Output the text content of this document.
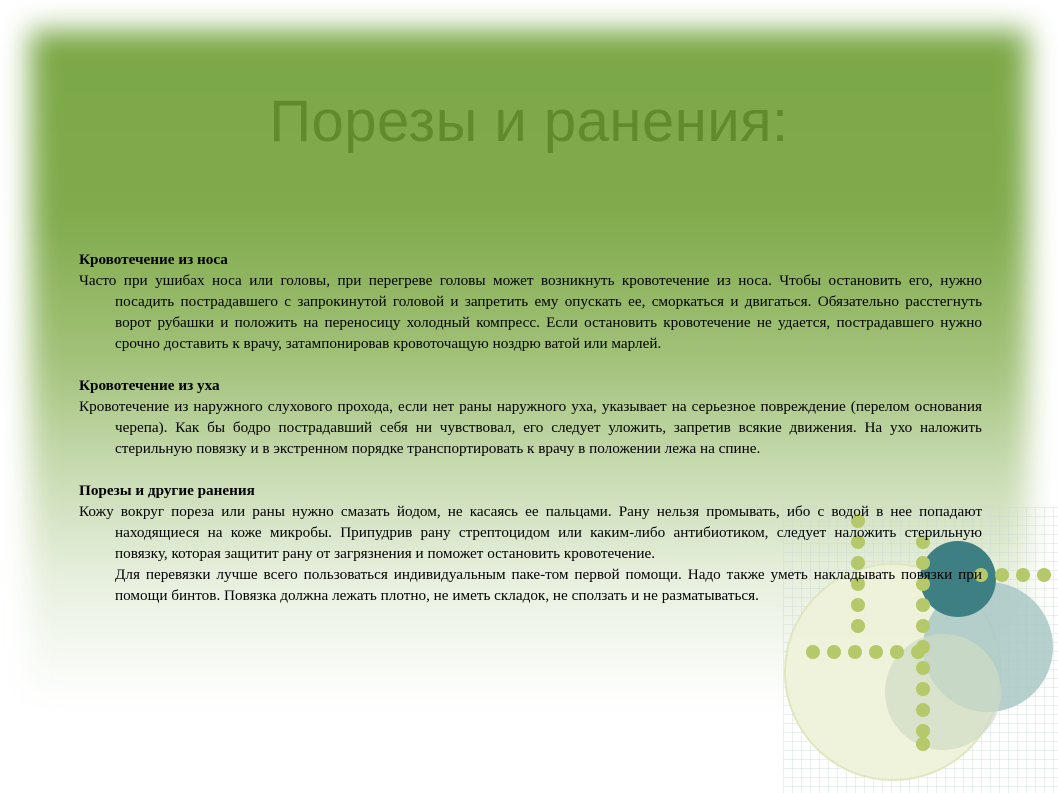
Порезы и ранения:

Кровотечение из носа

Часто при ушибах носа или головы, при перегреве головы может возникнуть кровотечение из носа. Чтобы остановить его, нужно посадить пострадавшего с запрокинутой головой и запретить ему опускать ее, сморкаться и двигаться. Обязательно расстегнуть ворот рубашки и положить на переносицу холодный компресс. Если остановить кровотечение не удается, пострадавшего нужно срочно доставить к врачу, затампонировав кровоточащую ноздрю ватой или марлей.

Кровотечение из уха

Кровотечение из наружного слухового прохода, если нет раны наружного уха, указывает на серьезное повреждение (перелом основания черепа). Как бы бодро пострадавший себя ни чувствовал, его следует уложить, запретив всякие движения. На ухо наложить стерильную повязку и в экстренном порядке транспортировать к врачу в положении лежа на спине.

Порезы и другие ранения

Кожу вокруг пореза или раны нужно смазать йодом, не касаясь ее пальцами. Рану нельзя промывать, ибо с водой в нее попадают находящиеся на коже микробы. Припудрив рану стрептоцидом или каким-либо антибиотиком, следует наложить стерильную повязку, которая защитит рану от загрязнения и поможет остановить кровотечение.

Для перевязки лучше всего пользоваться индивидуальным паке-том первой помощи. Надо также уметь накладывать повязки при помощи бинтов. Повязка должна лежать плотно, не иметь складок, не сползать и не разматываться.
